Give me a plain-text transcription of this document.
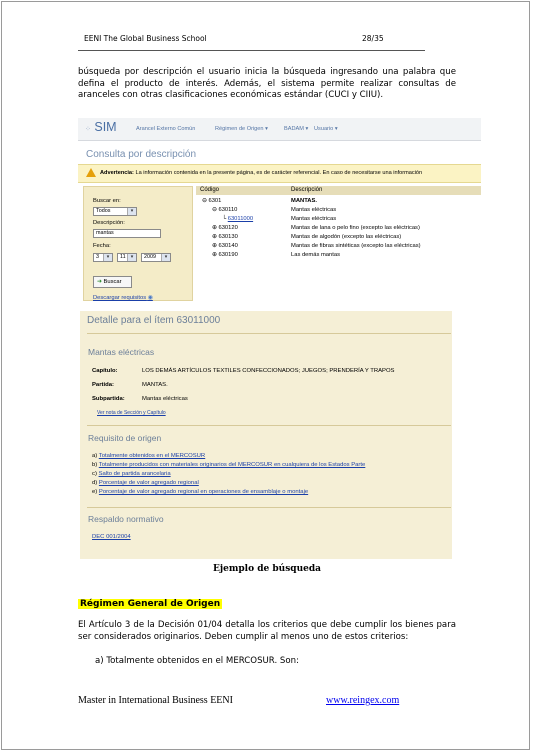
EENI The Global Business School	28/35
búsqueda por descripción el usuario inicia la búsqueda ingresando una palabra que defina el producto de interés. Además, el sistema permite realizar consultas de aranceles con otras clasificaciones económicas estándar (CUCI y CIIU).
⁘ SIM	Arancel Externo Común	Régimen de Origen ▾	BADAM ▾ Usuario ▾
Consulta por descripción
Advertencia: La información contenida en la presente página, es de carácter referencial. En caso de necesitarse una información
Buscar en:
Todos	▾
Descripción:
mantas
Fecha:
3	▾	11	▾	2009	▾
➜ Buscar
Descargar requisitos ◉
Código	Descripción
⊖ 6301	MANTAS.
⊖ 630110	Mantas eléctricas
└ 63011000	Mantas eléctricas
⊕ 630120	Mantas de lana o pelo fino (excepto las eléctricas)
⊕ 630130	Mantas de algodón (excepto las eléctricas)
⊕ 630140	Mantas de fibras sintéticas (excepto las eléctricas)
⊕ 630190	Las demás mantas
Detalle para el ítem 63011000
Mantas eléctricas
Capítulo:	LOS DEMÁS ARTÍCULOS TEXTILES CONFECCIONADOS; JUEGOS; PRENDERÍA Y TRAPOS
Partida:	MANTAS.
Subpartida:	Mantas eléctricas
Ver nota de Sección y Capítulo
Requisito de origen
a) Totalmente obtenidos en el MERCOSUR
b) Totalmente producidos con materiales originarios del MERCOSUR en cualquiera de los Estados Parte
c) Salto de partida arancelaria
d) Porcentaje de valor agregado regional
e) Porcentaje de valor agregado regional en operaciones de ensamblaje o montaje
Respaldo normativo
DEC 001/2004
Ejemplo de búsqueda
Régimen General de Origen
El Artículo 3 de la Decisión 01/04 detalla los criterios que debe cumplir los bienes para ser considerados originarios. Deben cumplir al menos uno de estos criterios:
a) Totalmente obtenidos en el MERCOSUR. Son:
Master in International Business EENI	www.reingex.com
